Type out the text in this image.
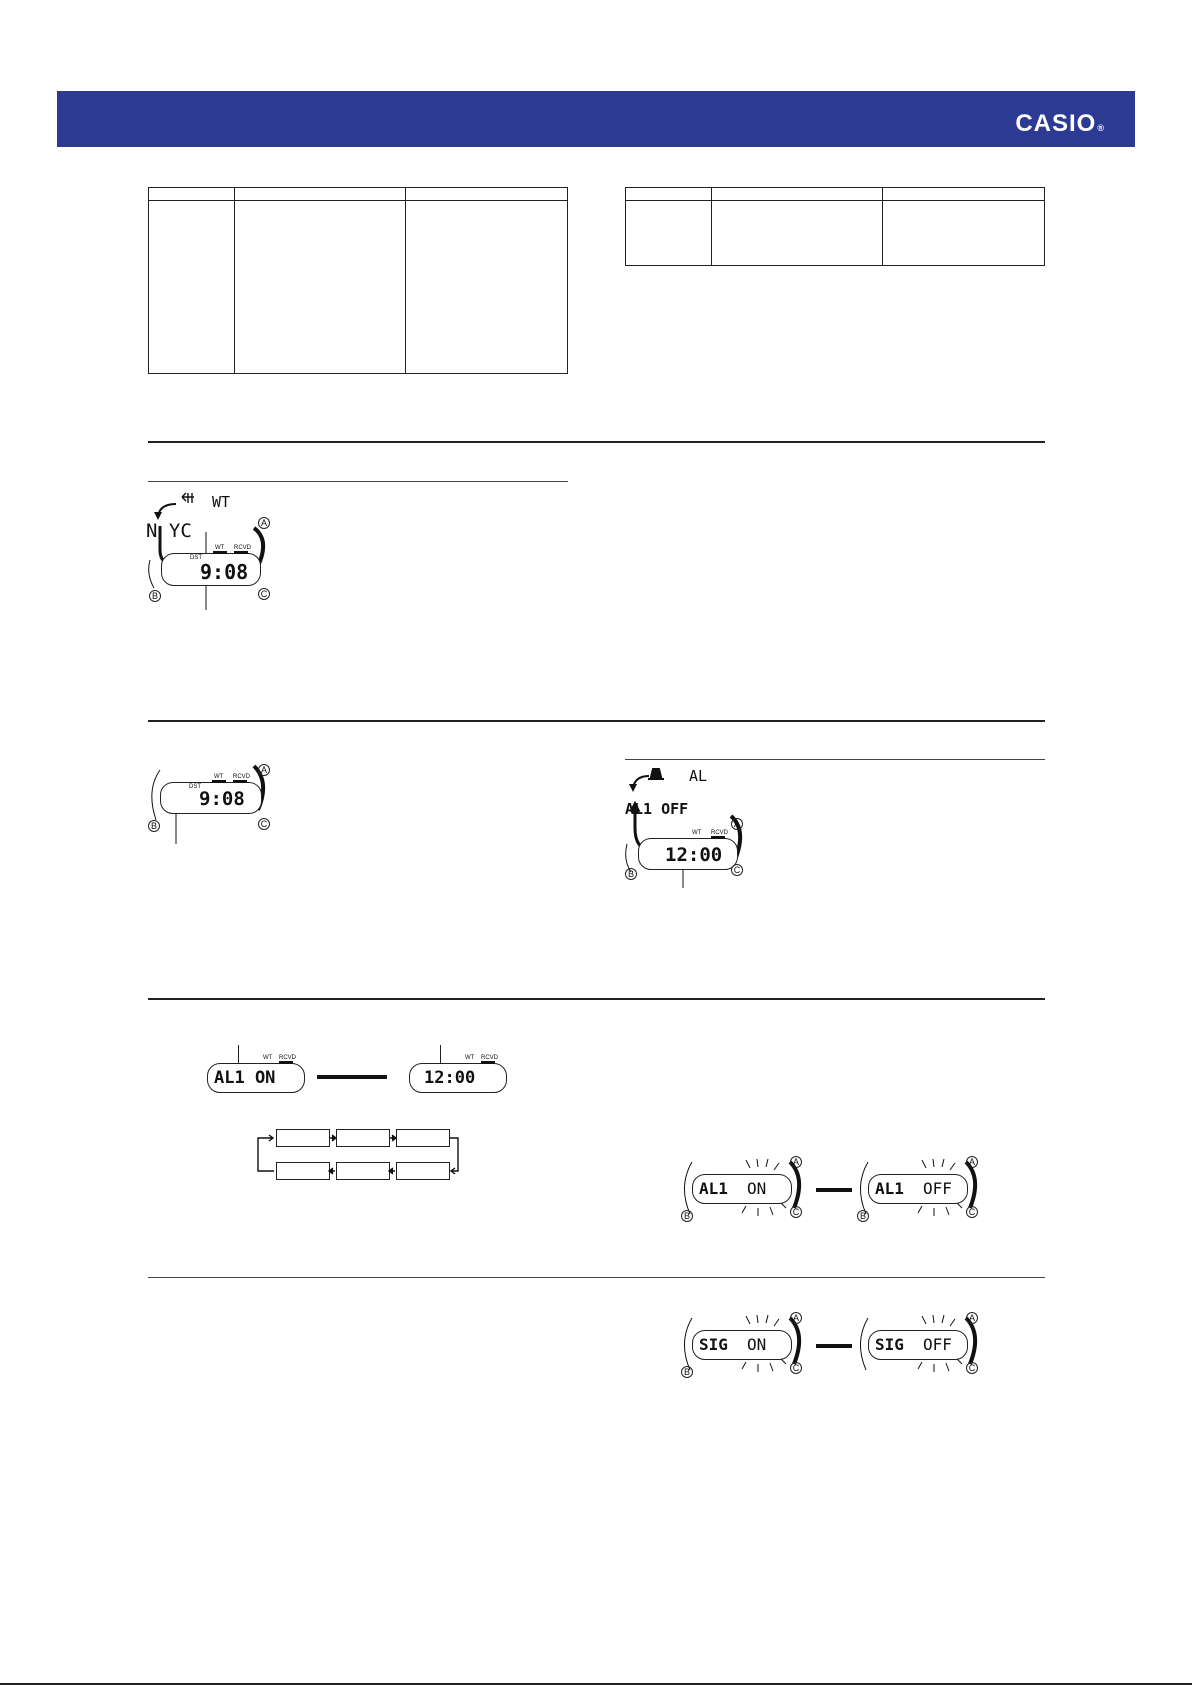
CASIO®

WT
N YC
DST
WT RCVD
9:08
A
B	C
DST
WT RCVD
9:08
A
B	C
AL
AL1 OFF
WT RCVD
12:00
A
B	C
WT RCVD
AL1 ON
WT RCVD
12:00
AL1 ON	AL1 OFF
A
B	C
A
B	C
SIG ON	SIG OFF
A
B	C
A
C
